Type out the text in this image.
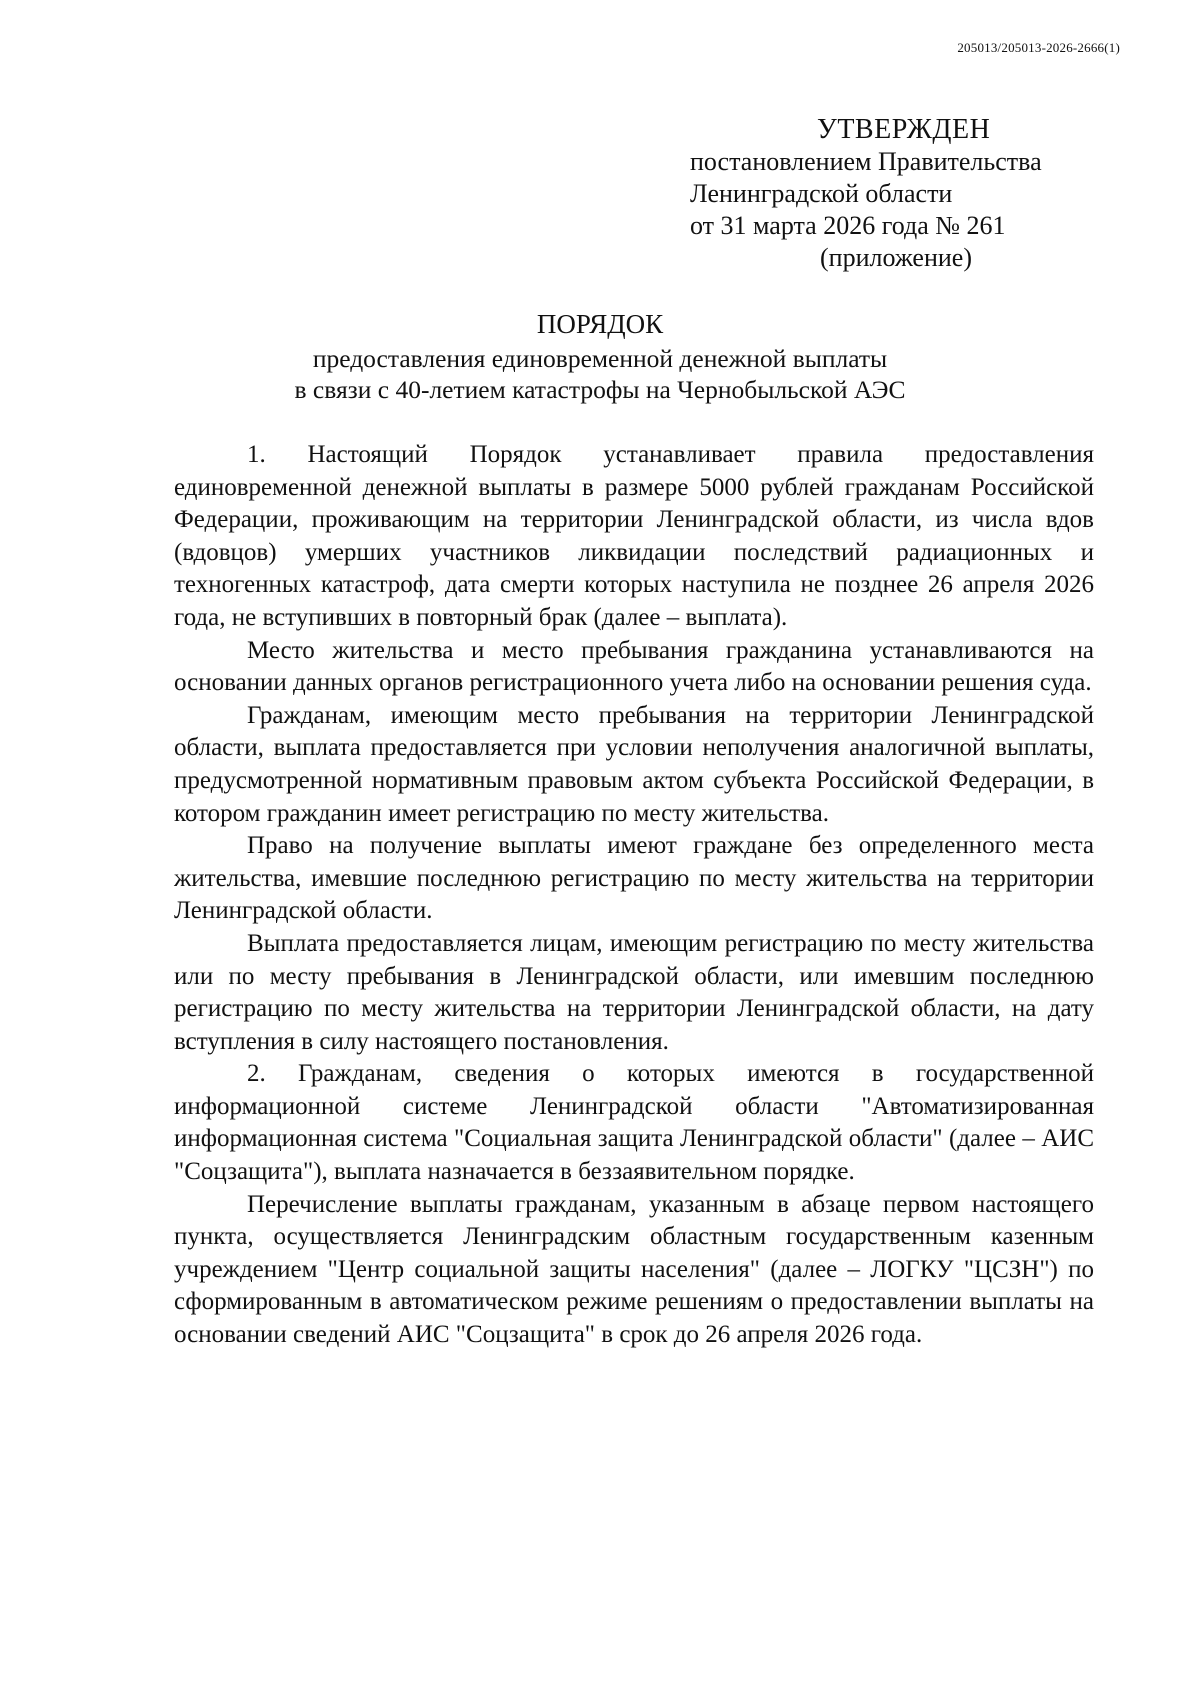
205013/205013-2026-2666(1)
УТВЕРЖДЕН
постановлением Правительства
Ленинградской области
от 31 марта 2026 года № 261
(приложение)
ПОРЯДОК
предоставления единовременной денежной выплаты
в связи с 40-летием катастрофы на Чернобыльской АЭС

1. Настоящий Порядок устанавливает правила предоставления единовременной денежной выплаты в размере 5000 рублей гражданам Российской Федерации, проживающим на территории Ленинградской области, из числа вдов (вдовцов) умерших участников ликвидации последствий радиационных и техногенных катастроф, дата смерти которых наступила не позднее 26 апреля 2026 года, не вступивших в повторный брак (далее – выплата).

Место жительства и место пребывания гражданина устанавливаются на основании данных органов регистрационного учета либо на основании решения суда.

Гражданам, имеющим место пребывания на территории Ленинградской области, выплата предоставляется при условии неполучения аналогичной выплаты, предусмотренной нормативным правовым актом субъекта Российской Федерации, в котором гражданин имеет регистрацию по месту жительства.

Право на получение выплаты имеют граждане без определенного места жительства, имевшие последнюю регистрацию по месту жительства на территории Ленинградской области.

Выплата предоставляется лицам, имеющим регистрацию по месту жительства или по месту пребывания в Ленинградской области, или имевшим последнюю регистрацию по месту жительства на территории Ленинградской области, на дату вступления в силу настоящего постановления.

2. Гражданам, сведения о которых имеются в государственной информационной системе Ленинградской области "Автоматизированная информационная система "Социальная защита Ленинградской области" (далее – АИС "Соцзащита"), выплата назначается в беззаявительном порядке.

Перечисление выплаты гражданам, указанным в абзаце первом настоящего пункта, осуществляется Ленинградским областным государственным казенным учреждением "Центр социальной защиты населения" (далее – ЛОГКУ "ЦСЗН") по сформированным в автоматическом режиме решениям о предоставлении выплаты на основании сведений АИС "Соцзащита" в срок до 26 апреля 2026 года.
